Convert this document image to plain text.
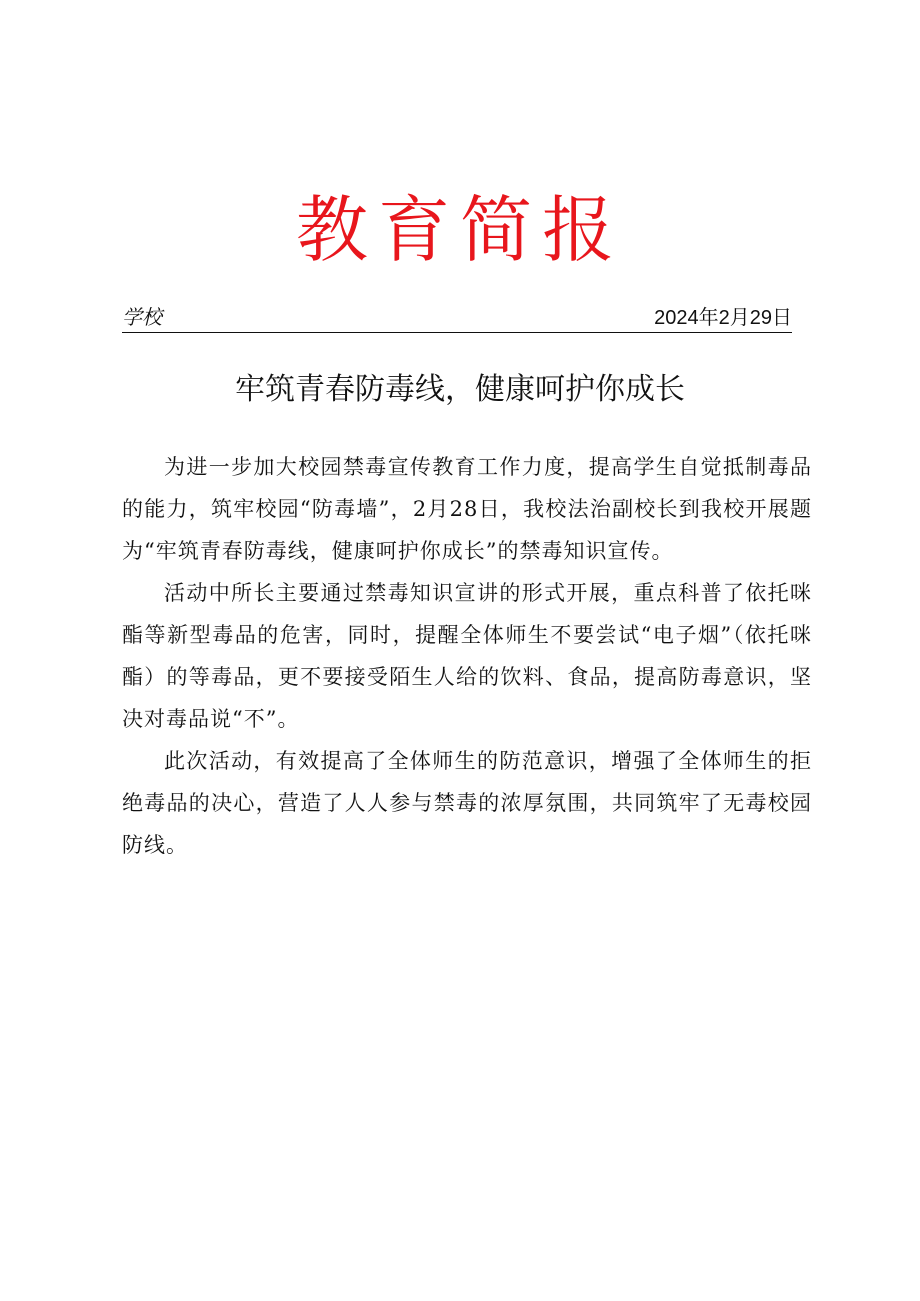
教育简报
学校	2024年2月29日
牢筑青春防毒线，健康呵护你成长

为进一步加大校园禁毒宣传教育工作力度，提高学生自觉抵制毒品的能力，筑牢校园“防毒墙”，2月28日，我校法治副校长到我校开展题为“牢筑青春防毒线，健康呵护你成长”的禁毒知识宣传。

活动中所长主要通过禁毒知识宣讲的形式开展，重点科普了依托咪酯等新型毒品的危害，同时，提醒全体师生不要尝试“电子烟”（依托咪酯）的等毒品，更不要接受陌生人给的饮料、食品，提高防毒意识，坚决对毒品说“不”。

此次活动，有效提高了全体师生的防范意识，增强了全体师生的拒绝毒品的决心，营造了人人参与禁毒的浓厚氛围，共同筑牢了无毒校园防线。
